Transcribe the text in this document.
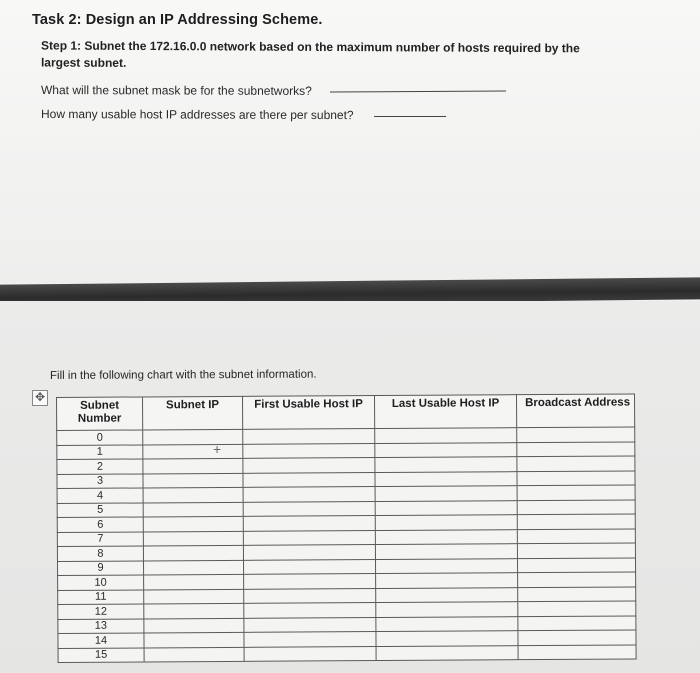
Task 2: Design an IP Addressing Scheme.
Step 1: Subnet the 172.16.0.0 network based on the maximum number of hosts required by the largest subnet.
What will the subnet mask be for the subnetworks?
How many usable host IP addresses are there per subnet?
Fill in the following chart with the subnet information.
✥
Subnet Number	Subnet IP	First Usable Host IP	Last Usable Host IP	Broadcast Address
0				
1				
2				
3				
4				
5				
6				
7				
8				
9				
10				
11				
12				
13				
14				
15				
+
